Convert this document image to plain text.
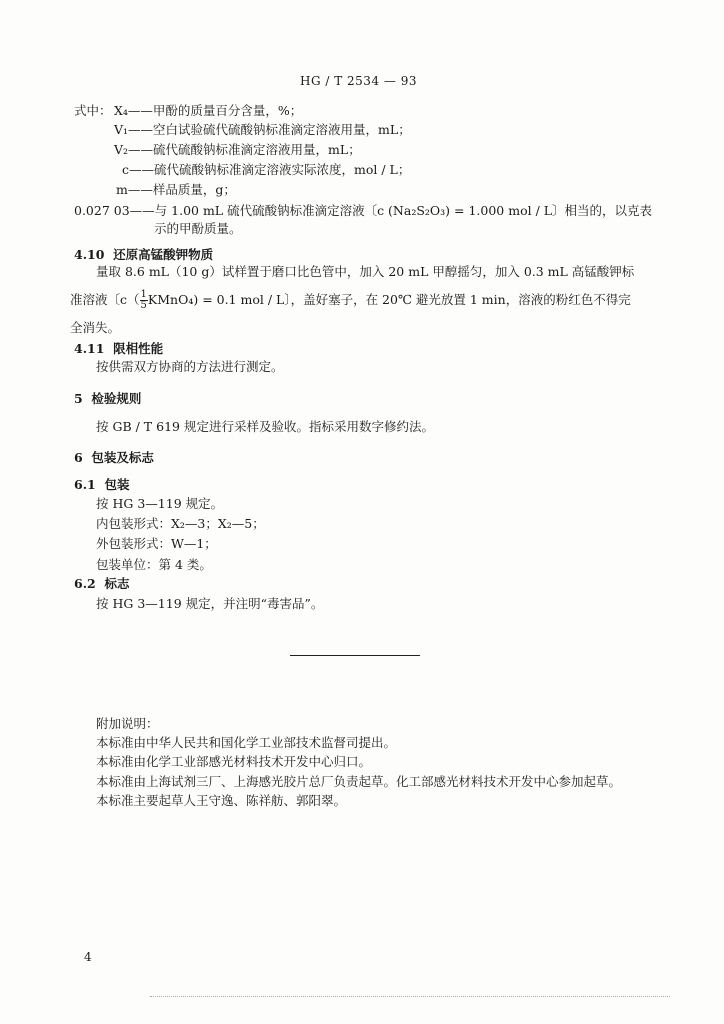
HG / T 2534 — 93
式中： X₄——甲酚的质量百分含量，%；
V₁——空白试验硫代硫酸钠标准滴定溶液用量，mL；
V₂——硫代硫酸钠标准滴定溶液用量，mL；
c——硫代硫酸钠标准滴定溶液实际浓度，mol / L；
m——样品质量，g；
0.027 03——与 1.00 mL 硫代硫酸钠标准滴定溶液〔c (Na₂S₂O₃) = 1.000 mol / L〕相当的，以克表
示的甲酚质量。
4.10 还原高锰酸钾物质
量取 8.6 mL（10 g）试样置于磨口比色管中，加入 20 mL 甲醇摇匀，加入 0.3 mL 高锰酸钾标
准溶液〔$c( \frac{1}{5}$ KMnO₄) = 0.1 mol / L〕，盖好塞子，在 20℃ 避光放置 1 min，溶液的粉红色不得完
全消失。
4.11 限相性能
按供需双方协商的方法进行测定。
5 检验规则
按 GB / T 619 规定进行采样及验收。指标采用数字修约法。
6 包装及标志
6.1 包装
按 HG 3—119 规定。
内包装形式：X₂—3；X₂—5；
外包装形式：W—1；
包装单位：第 4 类。
6.2 标志
按 HG 3—119 规定，并注明“毒害品”。
附加说明：
本标准由中华人民共和国化学工业部技术监督司提出。
本标准由化学工业部感光材料技术开发中心归口。
本标准由上海试剂三厂、上海感光胶片总厂负责起草。化工部感光材料技术开发中心参加起草。
本标准主要起草人王守逸、陈祥舫、郭阳翠。
4
